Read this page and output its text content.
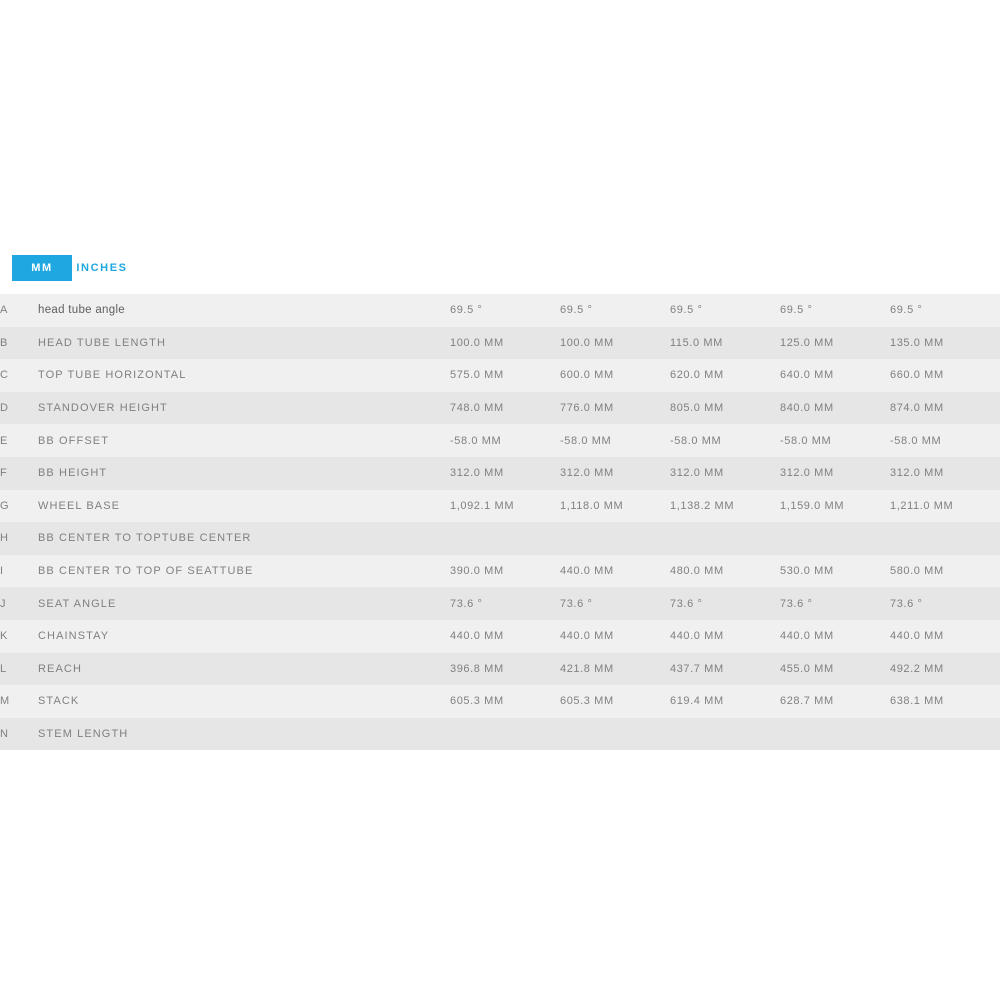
MM INCHES
A	head tube angle	69.5 °	69.5 °	69.5 °	69.5 °	69.5 °
B	HEAD TUBE LENGTH	100.0 MM	100.0 MM	115.0 MM	125.0 MM	135.0 MM
C	TOP TUBE HORIZONTAL	575.0 MM	600.0 MM	620.0 MM	640.0 MM	660.0 MM
D	STANDOVER HEIGHT	748.0 MM	776.0 MM	805.0 MM	840.0 MM	874.0 MM
E	BB OFFSET	-58.0 MM	-58.0 MM	-58.0 MM	-58.0 MM	-58.0 MM
F	BB HEIGHT	312.0 MM	312.0 MM	312.0 MM	312.0 MM	312.0 MM
G	WHEEL BASE	1,092.1 MM	1,118.0 MM	1,138.2 MM	1,159.0 MM	1,211.0 MM
H	BB CENTER TO TOPTUBE CENTER					
I	BB CENTER TO TOP OF SEATTUBE	390.0 MM	440.0 MM	480.0 MM	530.0 MM	580.0 MM
J	SEAT ANGLE	73.6 °	73.6 °	73.6 °	73.6 °	73.6 °
K	CHAINSTAY	440.0 MM	440.0 MM	440.0 MM	440.0 MM	440.0 MM
L	REACH	396.8 MM	421.8 MM	437.7 MM	455.0 MM	492.2 MM
M	STACK	605.3 MM	605.3 MM	619.4 MM	628.7 MM	638.1 MM
N	STEM LENGTH					
